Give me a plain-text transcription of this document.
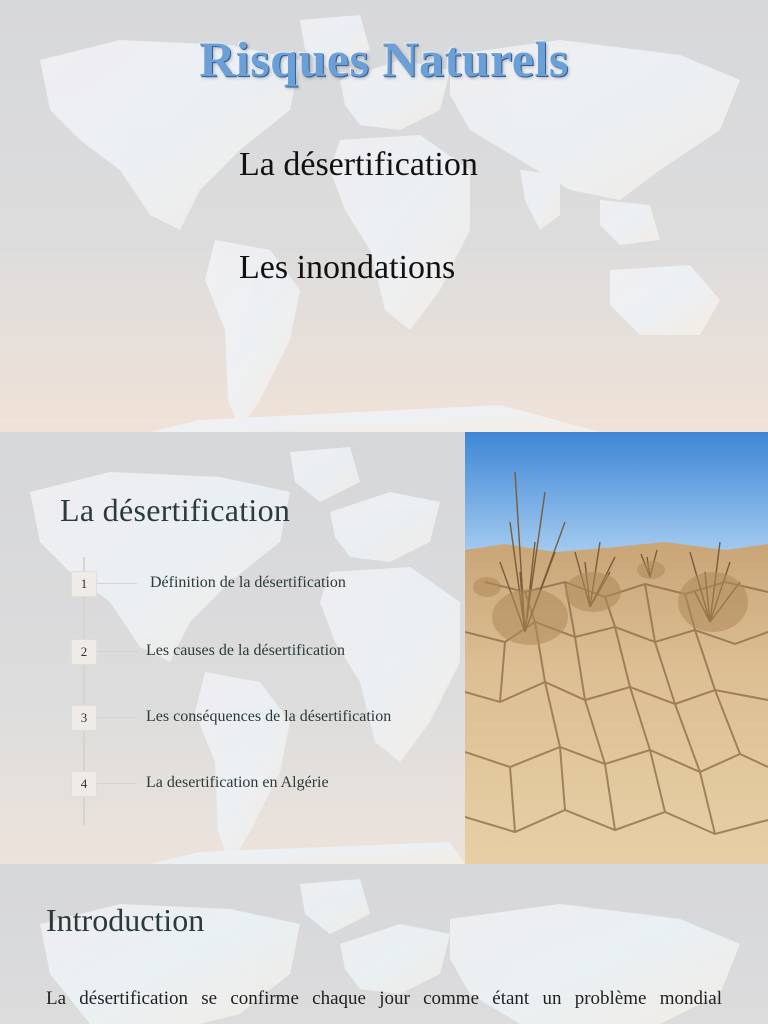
Risques Naturels
La désertification
Les inondations
La désertification
1	Définition de la désertification
2	Les causes de la désertification
3	Les conséquences de la désertification
4	La desertification en Algérie
Introduction
La désertification se confirme chaque jour comme étant un problème mondial
